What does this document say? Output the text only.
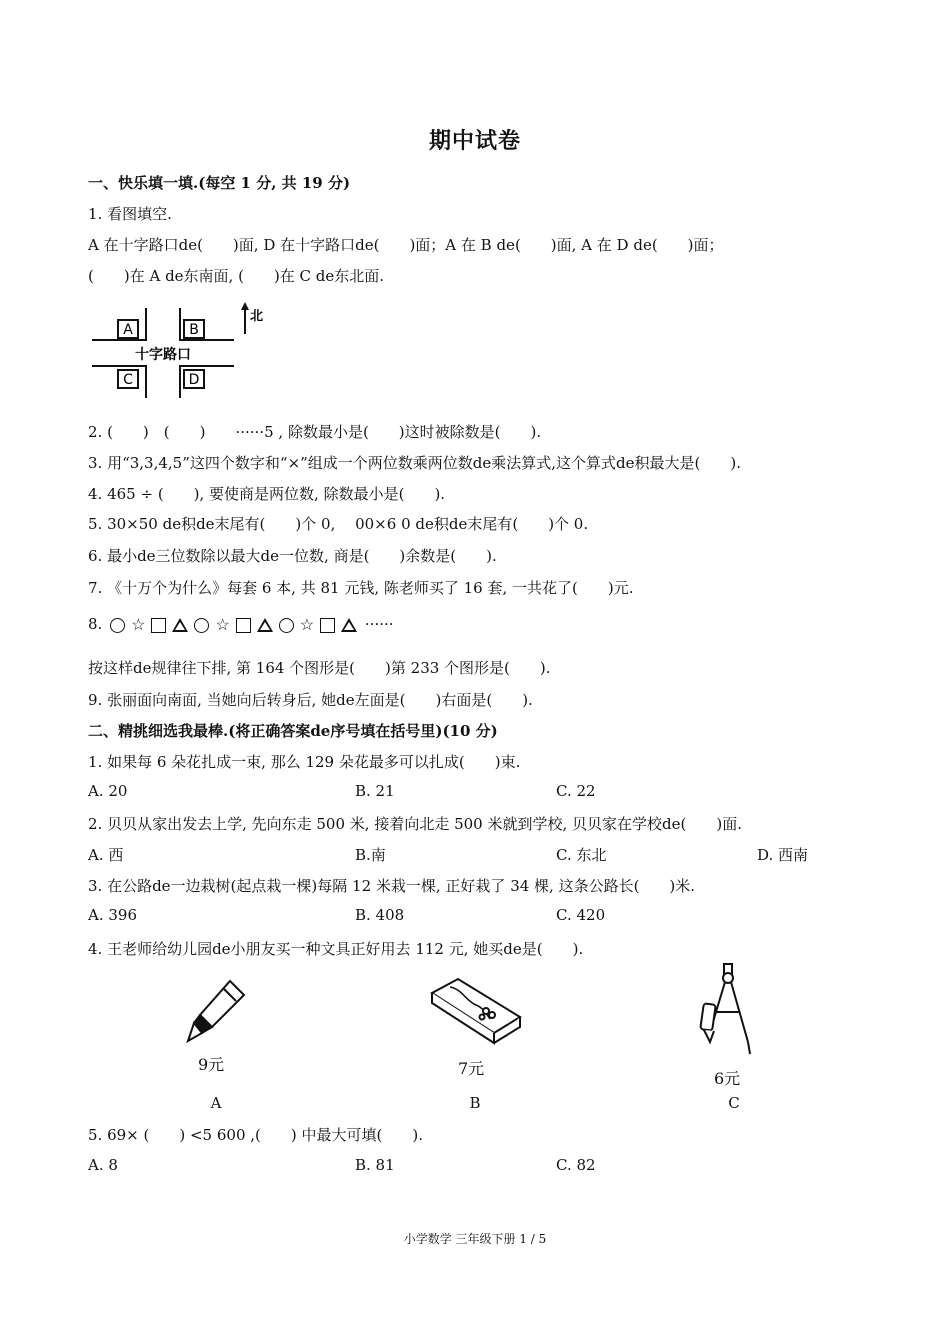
期中试卷
一、快乐填一填.(每空 1 分, 共 19 分)
1. 看图填空.
A 在十字路口de(　　)面, D 在十字路口de(　　)面；A 在 B de(　　)面, A 在 D de(　　)面；
(　　)在 A de东南面, (　　)在 C de东北面.
A	B
C	D
十字路口
北
2. (　　)　(　　)　　······5 , 除数最小是(　　)这时被除数是(　　).
3. 用“3,3,4,5”这四个数字和“×”组成一个两位数乘两位数de乘法算式,这个算式de积最大是(　　).
4. 465 ÷ (　　), 要使商是两位数, 除数最小是(　　).
5. 30×50 de积de末尾有(　　)个 0,　 00×6 0 de积de末尾有(　　)个 0.
6. 最小de三位数除以最大de一位数, 商是(　　)余数是(　　).
7. 《十万个为什么》每套 6 本, 共 81 元钱, 陈老师买了 16 套, 一共花了(　　)元.
8. ☆	☆	☆	······
按这样de规律往下排, 第 164 个图形是(　　)第 233 个图形是(　　).
9. 张丽面向南面, 当她向后转身后, 她de左面是(　　)右面是(　　).
二、精挑细选我最棒.(将正确答案de序号填在括号里)(10 分)
1. 如果每 6 朵花扎成一束, 那么 129 朵花最多可以扎成(　　)束.
A. 20	B. 21	C. 22
2. 贝贝从家出发去上学, 先向东走 500 米, 接着向北走 500 米就到学校, 贝贝家在学校de(　　)面.
A. 西	B.南	C. 东北	D. 西南
3. 在公路de一边栽树(起点栽一棵)每隔 12 米栽一棵, 正好栽了 34 棵, 这条公路长(　　)米.
A. 396	B. 408	C. 420
4. 王老师给幼儿园de小朋友买一种文具正好用去 112 元, 她买de是(　　).
9元
A
7元
B
6元
C
5. 69× (　　) <5 600 ,(　　) 中最大可填(　　).
A. 8	B. 81	C. 82
小学数学 三年级下册 1 / 5
